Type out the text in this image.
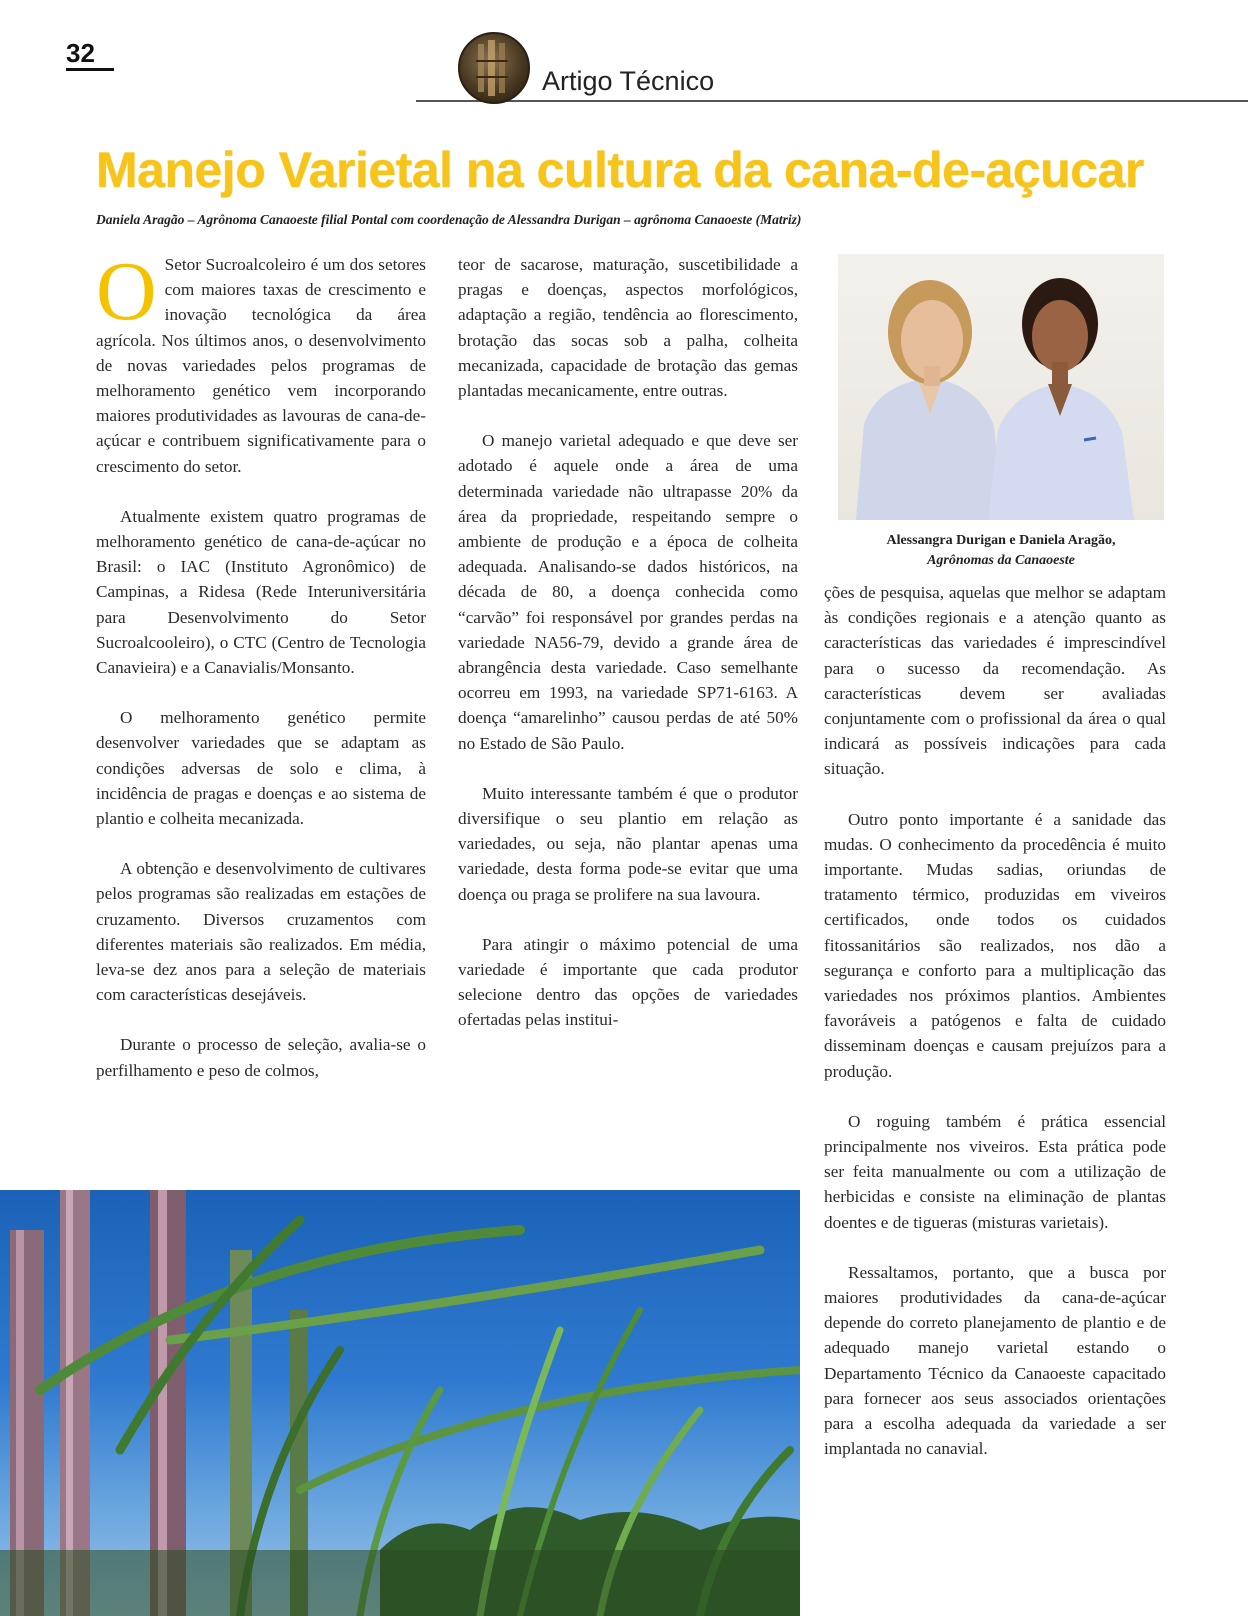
32
Artigo Técnico
Manejo Varietal na cultura da cana-de-açucar
Daniela Aragão – Agrônoma Canaoeste filial Pontal com coordenação de Alessandra Durigan – agrônoma Canaoeste (Matriz)

O Setor Sucroalcoleiro é um dos setores com maiores taxas de crescimento e inovação tecnológica da área agrícola. Nos últimos anos, o desenvolvimento de novas variedades pelos programas de melhoramento genético vem incorporando maiores produtividades as lavouras de cana-de-açúcar e contribuem significativamente para o crescimento do setor.

Atualmente existem quatro programas de melhoramento genético de cana-de-açúcar no Brasil: o IAC (Instituto Agronômico) de Campinas, a Ridesa (Rede Interuniversitária para Desenvolvimento do Setor Sucroalcooleiro), o CTC (Centro de Tecnologia Canavieira) e a Canavialis/Monsanto.

O melhoramento genético permite desenvolver variedades que se adaptam as condições adversas de solo e clima, à incidência de pragas e doenças e ao sistema de plantio e colheita mecanizada.

A obtenção e desenvolvimento de cultivares pelos programas são realizadas em estações de cruzamento. Diversos cruzamentos com diferentes materiais são realizados. Em média, leva-se dez anos para a seleção de materiais com características desejáveis.

Durante o processo de seleção, avalia-se o perfilhamento e peso de colmos,

teor de sacarose, maturação, suscetibilidade a pragas e doenças, aspectos morfológicos, adaptação a região, tendência ao florescimento, brotação das socas sob a palha, colheita mecanizada, capacidade de brotação das gemas plantadas mecanicamente, entre outras.

O manejo varietal adequado e que deve ser adotado é aquele onde a área de uma determinada variedade não ultrapasse 20% da área da propriedade, respeitando sempre o ambiente de produção e a época de colheita adequada. Analisando-se dados históricos, na década de 80, a doença conhecida como “carvão” foi responsável por grandes perdas na variedade NA56-79, devido a grande área de abrangência desta variedade. Caso semelhante ocorreu em 1993, na variedade SP71-6163. A doença “amarelinho” causou perdas de até 50% no Estado de São Paulo.

Muito interessante também é que o produtor diversifique o seu plantio em relação as variedades, ou seja, não plantar apenas uma variedade, desta forma pode-se evitar que uma doença ou praga se prolifere na sua lavoura.

Para atingir o máximo potencial de uma variedade é importante que cada produtor selecione dentro das opções de variedades ofertadas pelas institui-

Alessangra Durigan e Daniela Aragão,
Agrônomas da Canaoeste

ções de pesquisa, aquelas que melhor se adaptam às condições regionais e a atenção quanto as características das variedades é imprescindível para o sucesso da recomendação. As características devem ser avaliadas conjuntamente com o profissional da área o qual indicará as possíveis indicações para cada situação.

Outro ponto importante é a sanidade das mudas. O conhecimento da procedência é muito importante. Mudas sadias, oriundas de tratamento térmico, produzidas em viveiros certificados, onde todos os cuidados fitossanitários são realizados, nos dão a segurança e conforto para a multiplicação das variedades nos próximos plantios. Ambientes favoráveis a patógenos e falta de cuidado disseminam doenças e causam prejuízos para a produção.

O roguing também é prática essencial principalmente nos viveiros. Esta prática pode ser feita manualmente ou com a utilização de herbicidas e consiste na eliminação de plantas doentes e de tigueras (misturas varietais).

Ressaltamos, portanto, que a busca por maiores produtividades da cana-de-açúcar depende do correto planejamento de plantio e de adequado manejo varietal estando o Departamento Técnico da Canaoeste capacitado para fornecer aos seus associados orientações para a escolha adequada da variedade a ser implantada no canavial.
